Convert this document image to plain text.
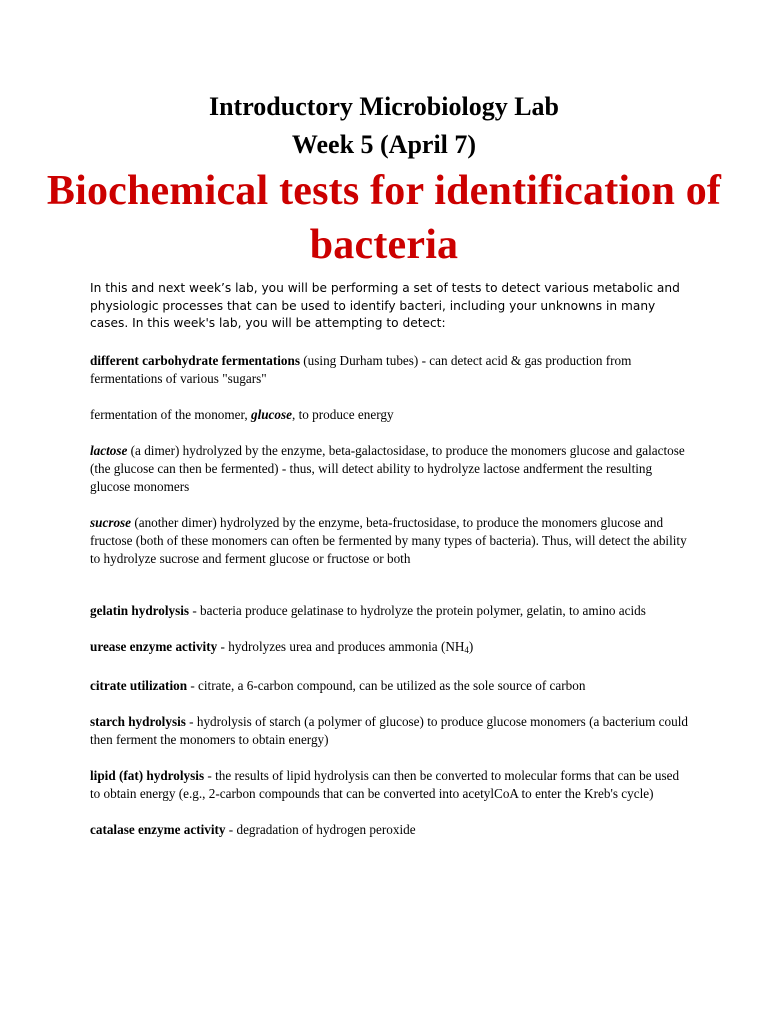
Introductory Microbiology Lab
Week 5 (April 7)
Biochemical tests for identification of bacteria

In this and next week’s lab, you will be performing a set of tests to detect various metabolic and physiologic processes that can be used to identify bacteri, including your unknowns in many cases. In this week's lab, you will be attempting to detect:

different carbohydrate fermentations (using Durham tubes) - can detect acid & gas production from fermentations of various "sugars"

fermentation of the monomer, glucose, to produce energy

lactose (a dimer) hydrolyzed by the enzyme, beta-galactosidase, to produce the monomers glucose and galactose (the glucose can then be fermented) - thus, will detect ability to hydrolyze lactose andferment the resulting glucose monomers

sucrose (another dimer) hydrolyzed by the enzyme, beta-fructosidase, to produce the monomers glucose and fructose (both of these monomers can often be fermented by many types of bacteria). Thus, will detect the ability to hydrolyze sucrose and ferment glucose or fructose or both

gelatin hydrolysis - bacteria produce gelatinase to hydrolyze the protein polymer, gelatin, to amino acids

urease enzyme activity - hydrolyzes urea and produces ammonia $(NH_4)$

citrate utilization - citrate, a 6-carbon compound, can be utilized as the sole source of carbon

starch hydrolysis - hydrolysis of starch (a polymer of glucose) to produce glucose monomers (a bacterium could then ferment the monomers to obtain energy)

lipid (fat) hydrolysis - the results of lipid hydrolysis can then be converted to molecular forms that can be used to obtain energy (e.g., 2-carbon compounds that can be converted into acetylCoA to enter the Kreb's cycle)

catalase enzyme activity - degradation of hydrogen peroxide
